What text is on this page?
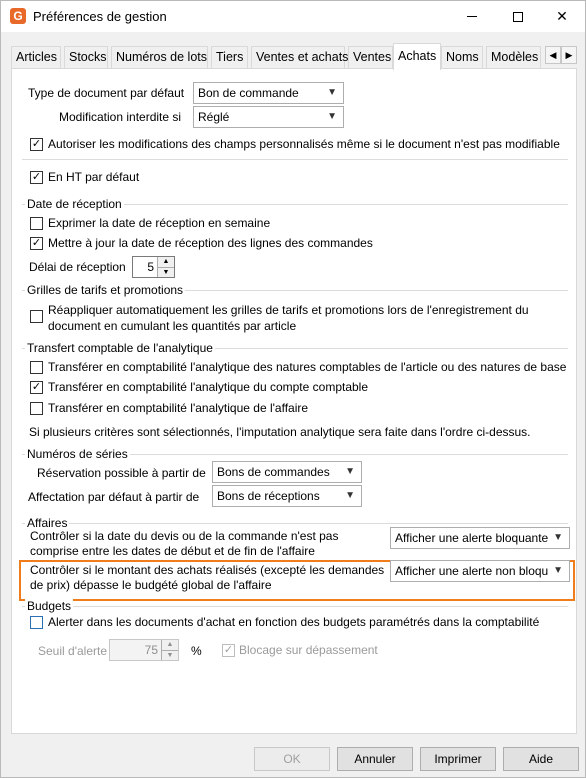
G Préférences de gestion	✕
Articles Stocks Numéros de lots Tiers	Ventes et achats Ventes Achats Noms Modèles	◀	▶
Type de document par défaut	Bon de commande	▼
Modification interdite si	Réglé	▼
✓ Autoriser les modifications des champs personnalisés même si le document n'est pas modifiable
✓ En HT par défaut
Date de réception
Exprimer la date de réception en semaine
✓ Mettre à jour la date de réception des lignes des commandes
Délai de réception 5	▲
▼
Grilles de tarifs et promotions
Réappliquer automatiquement les grilles de tarifs et promotions lors de l'enregistrement du
document en cumulant les quantités par article
Transfert comptable de l'analytique
Transférer en comptabilité l'analytique des natures comptables de l'article ou des natures de base
✓ Transférer en comptabilité l'analytique du compte comptable
Transférer en comptabilité l'analytique de l'affaire
Si plusieurs critères sont sélectionnés, l'imputation analytique sera faite dans l'ordre ci-dessus.
Numéros de séries
Réservation possible à partir de Bons de commandes ▼
Affectation par défaut à partir de	Bons de réceptions	▼
Affaires
Contrôler si la date du devis ou de la commande n'est pas
comprise entre les dates de début et de fin de l'affaire
Afficher une alerte bloquante ▼
Contrôler si le montant des achats réalisés (excepté les demandes
de prix) dépasse le budgété global de l'affaire
Afficher une alerte non bloqu ▼
Budgets
Alerter dans les documents d'achat en fonction des budgets paramétrés dans la comptabilité
Seuil d'alerte	75	▲
▼	% ✓ Blocage sur dépassement
OK	Annuler	Imprimer	Aide
